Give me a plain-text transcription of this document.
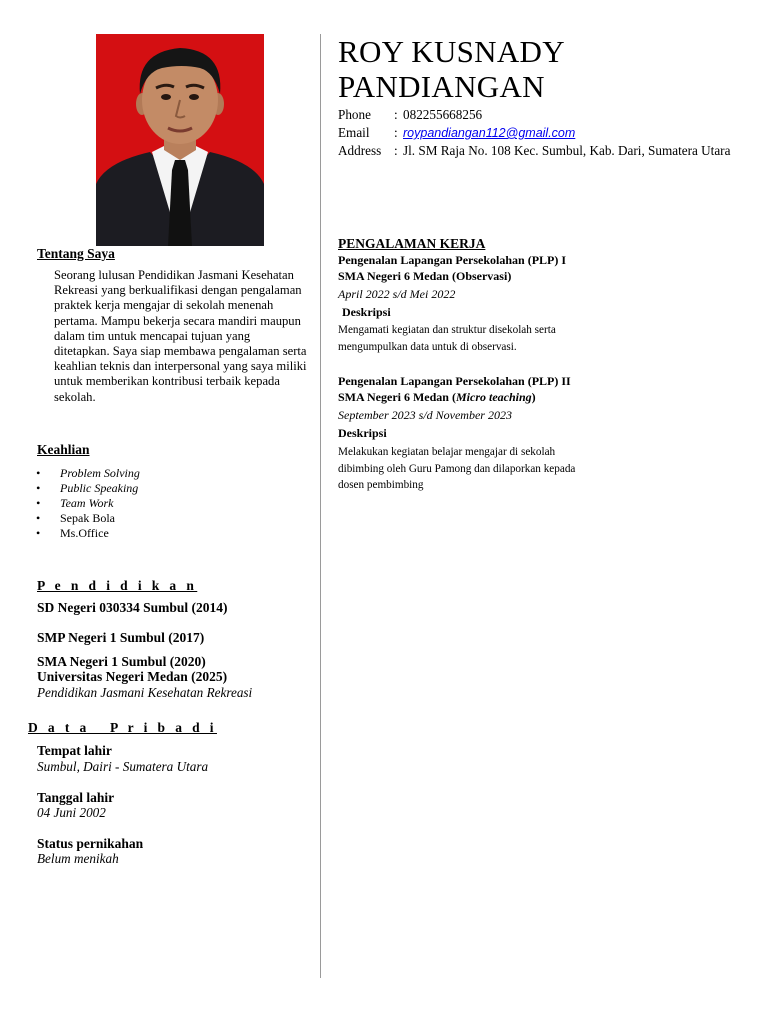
Tentang Saya

Seorang lulusan Pendidikan Jasmani Kesehatan Rekreasi yang berkualifikasi dengan pengalaman praktek kerja mengajar di sekolah menenah pertama. Mampu bekerja secara mandiri maupun dalam tim untuk mencapai tujuan yang ditetapkan. Saya siap membawa pengalaman serta keahlian teknis dan interpersonal yang saya miliki untuk memberikan kontribusi terbaik kepada sekolah.

Keahlian
• Problem Solving
• Public Speaking
• Team Work
• Sepak Bola
• Ms.Office
P e n d i d i k a n
SD Negeri 030334 Sumbul (2014)
SMP Negeri 1 Sumbul (2017)
SMA Negeri 1 Sumbul (2020)
Universitas Negeri Medan (2025)
Pendidikan Jasmani Kesehatan Rekreasi
D a t a   P r i b a d i
Tempat lahir
Sumbul, Dairi - Sumatera Utara
Tanggal lahir
04 Juni 2002
Status pernikahan
Belum menikah
ROY KUSNADY
PANDIANGAN
Phone : 082255668256
Email : roypandiangan112@gmail.com
Address : Jl. SM Raja No. 108 Kec. Sumbul, Kab. Dari, Sumatera Utara
PENGALAMAN KERJA
Pengenalan Lapangan Persekolahan (PLP) I
SMA Negeri 6 Medan (Observasi)
April 2022 s/d Mei 2022
Deskripsi
Mengamati kegiatan dan struktur disekolah serta mengumpulkan data untuk di observasi.
Pengenalan Lapangan Persekolahan (PLP) II
SMA Negeri 6 Medan (Micro teaching)
September 2023 s/d November 2023
Deskripsi
Melakukan kegiatan belajar mengajar di sekolah dibimbing oleh Guru Pamong dan dilaporkan kepada dosen pembimbing
